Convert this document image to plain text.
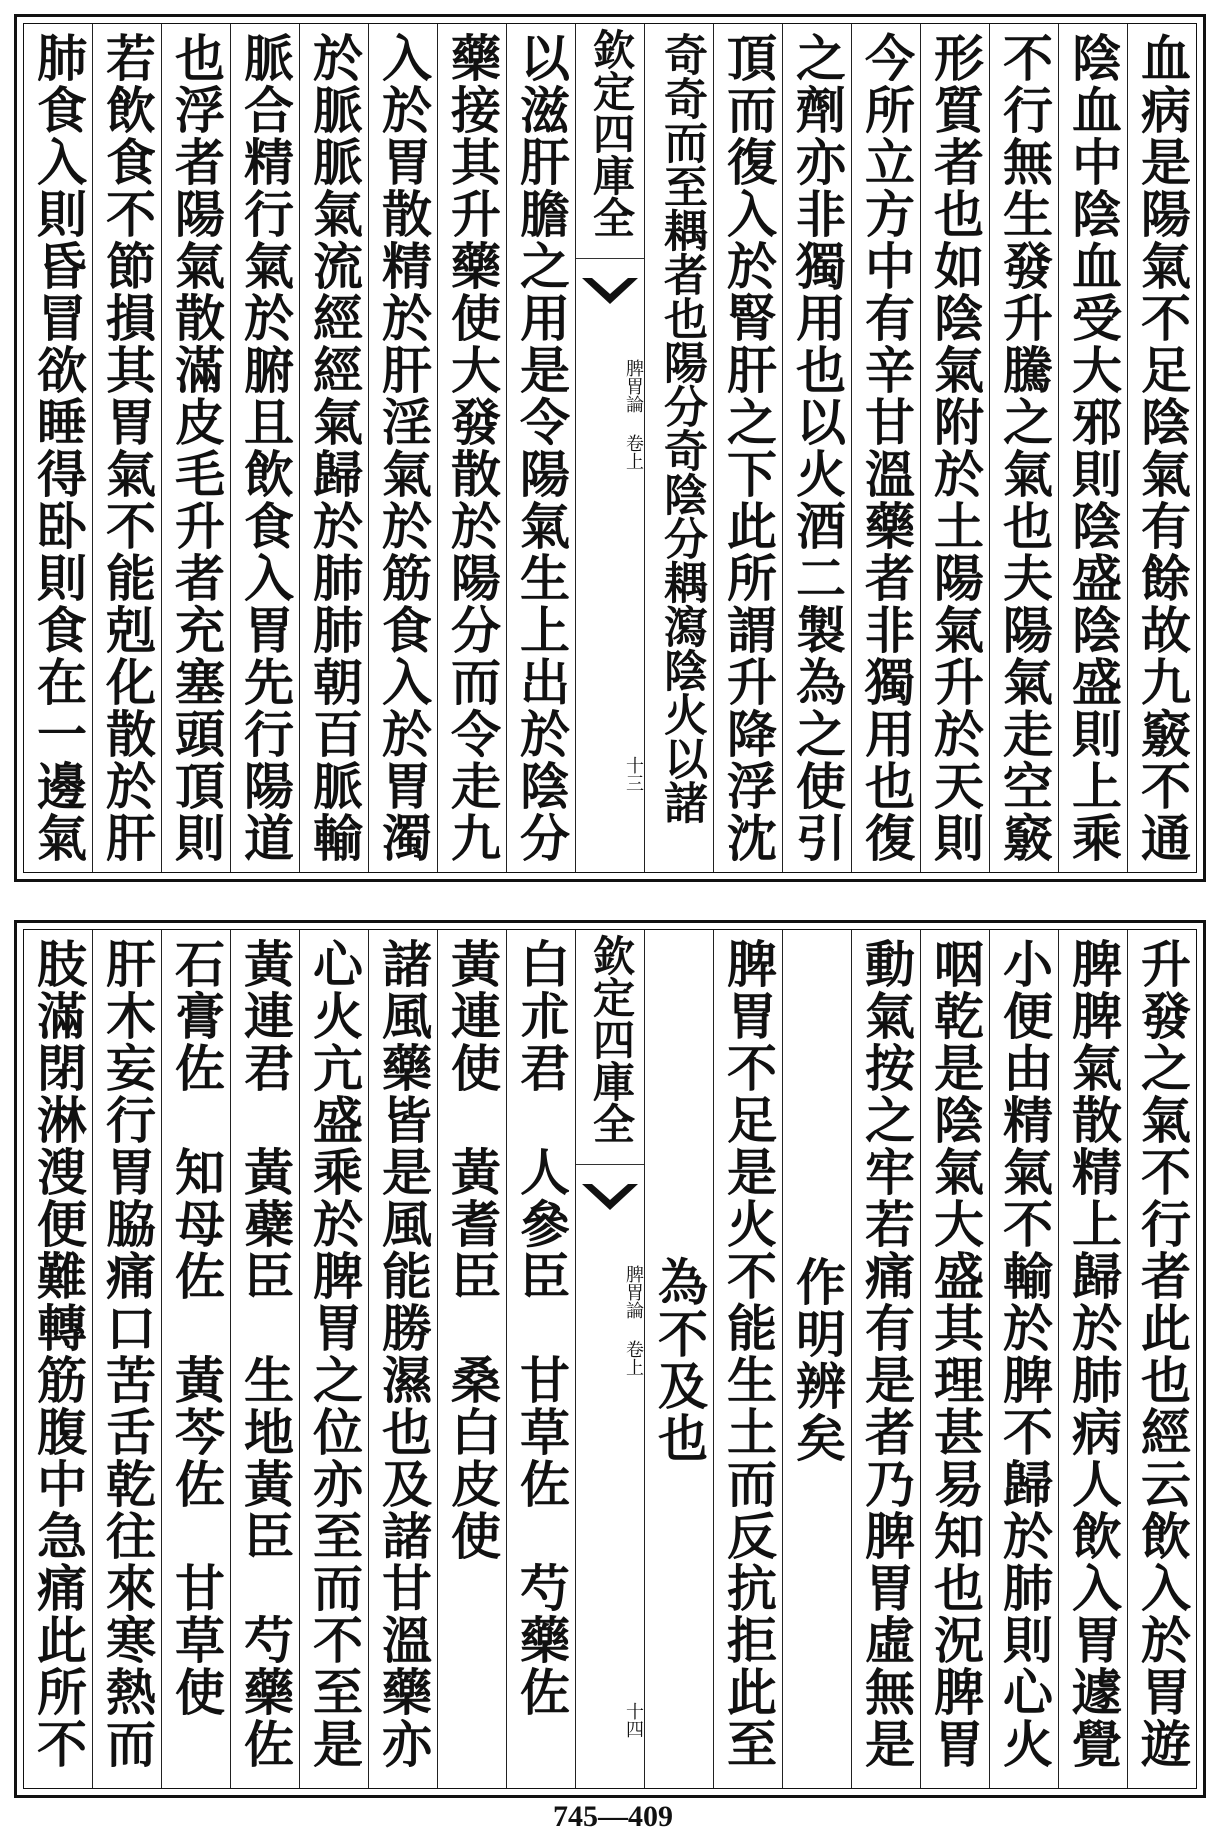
血病是陽氣不足陰氣有餘故九竅不通
陰血中陰血受大邪則陰盛陰盛則上乘
不行無生發升騰之氣也夫陽氣走空竅
形質者也如陰氣附於土陽氣升於天則
今所立方中有辛甘溫藥者非獨用也復
之劑亦非獨用也以火酒二製為之使引
頂而復入於腎肝之下此所謂升降浮沈
奇奇而至耦者也陽分奇陰分耦瀉陰火以諸
欽定四庫全
脾胃論 卷上
十三
以滋肝膽之用是令陽氣生上出於陰分
藥接其升藥使大發散於陽分而令走九
入於胃散精於肝淫氣於筋食入於胃濁
於脈脈氣流經經氣歸於肺肺朝百脈輸
脈合精行氣於腑且飲食入胃先行陽道
也浮者陽氣散滿皮毛升者充塞頭頂則
若飲食不節損其胃氣不能剋化散於肝
肺食入則昏冒欲睡得卧則食在一邊氣
升發之氣不行者此也經云飲入於胃遊
脾脾氣散精上歸於肺病人飲入胃遽覺
小便由精氣不輸於脾不歸於肺則心火
咽乾是陰氣大盛其理甚易知也況脾胃
動氣按之牢若痛有是者乃脾胃虛無是
作明辨矣
脾胃不足是火不能生土而反抗拒此至
為不及也
欽定四庫全
脾胃論 卷上
十四
白朮君　人參臣　甘草佐　芍藥佐
黃連使　黃耆臣　桑白皮使
諸風藥皆是風能勝濕也及諸甘溫藥亦
心火亢盛乘於脾胃之位亦至而不至是
黃連君　黃蘗臣　生地黃臣　芍藥佐
石膏佐　知母佐　黃芩佐　甘草使
肝木妄行胃脇痛口苦舌乾往來寒熱而
肢滿閉淋溲便難轉筋腹中急痛此所不
745—409
